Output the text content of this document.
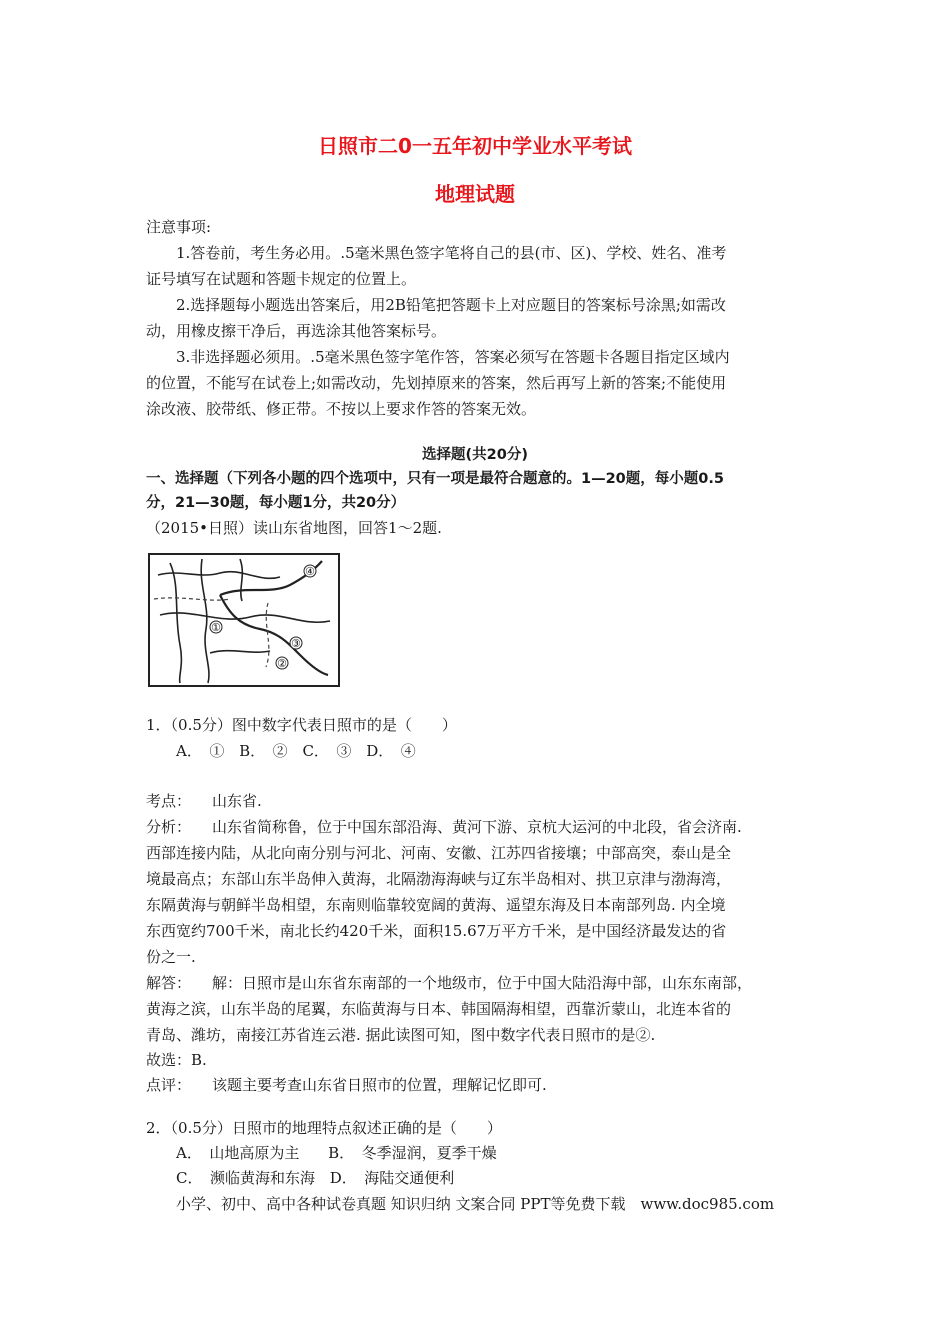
日照市二0一五年初中学业水平考试
地理试题
注意事项:
1.答卷前，考生务必用。.5毫米黑色签字笔将自己的县(市、区)、学校、姓名、准考
证号填写在试题和答题卡规定的位置上。
2.选择题每小题选出答案后，用2B铅笔把答题卡上对应题目的答案标号涂黑;如需改
动，用橡皮擦干净后，再选涂其他答案标号。
3.非选择题必须用。.5毫米黑色签字笔作答，答案必须写在答题卡各题目指定区域内
的位置，不能写在试卷上;如需改动，先划掉原来的答案，然后再写上新的答案;不能使用
涂改液、胶带纸、修正带。不按以上要求作答的答案无效。
选择题(共20分)
一、选择题（下列各小题的四个选项中，只有一项是最符合题意的。1—20题，每小题0.5
分，21—30题，每小题1分，共20分）
（2015•日照）读山东省地图，回答1～2题.
④
①
③
②
1．（0.5分）图中数字代表日照市的是（　　）
A．　① B．　② C．　③ D．　④
考点： 山东省.
分析： 山东省简称鲁，位于中国东部沿海、黄河下游、京杭大运河的中北段，省会济南.
西部连接内陆，从北向南分别与河北、河南、安徽、江苏四省接壤；中部高突，泰山是全
境最高点；东部山东半岛伸入黄海，北隔渤海海峡与辽东半岛相对、拱卫京津与渤海湾，
东隔黄海与朝鲜半岛相望，东南则临靠较宽阔的黄海、遥望东海及日本南部列岛. 内全境
东西宽约700千米，南北长约420千米，面积15.67万平方千米，是中国经济最发达的省
份之一.
解答： 解：日照市是山东省东南部的一个地级市，位于中国大陆沿海中部，山东东南部，
黄海之滨，山东半岛的尾翼，东临黄海与日本、韩国隔海相望，西靠沂蒙山，北连本省的
青岛、潍坊，南接江苏省连云港. 据此读图可知，图中数字代表日照市的是②.
故选：B.
点评： 该题主要考查山东省日照市的位置，理解记忆即可.
2．（0.5分）日照市的地理特点叙述正确的是（　　）
A．　山地高原为主 B．　冬季湿润，夏季干燥
C．　濒临黄海和东海 D．　海陆交通便利
小学、初中、高中各种试卷真题 知识归纳 文案合同 PPT等免费下载　www.doc985.com
